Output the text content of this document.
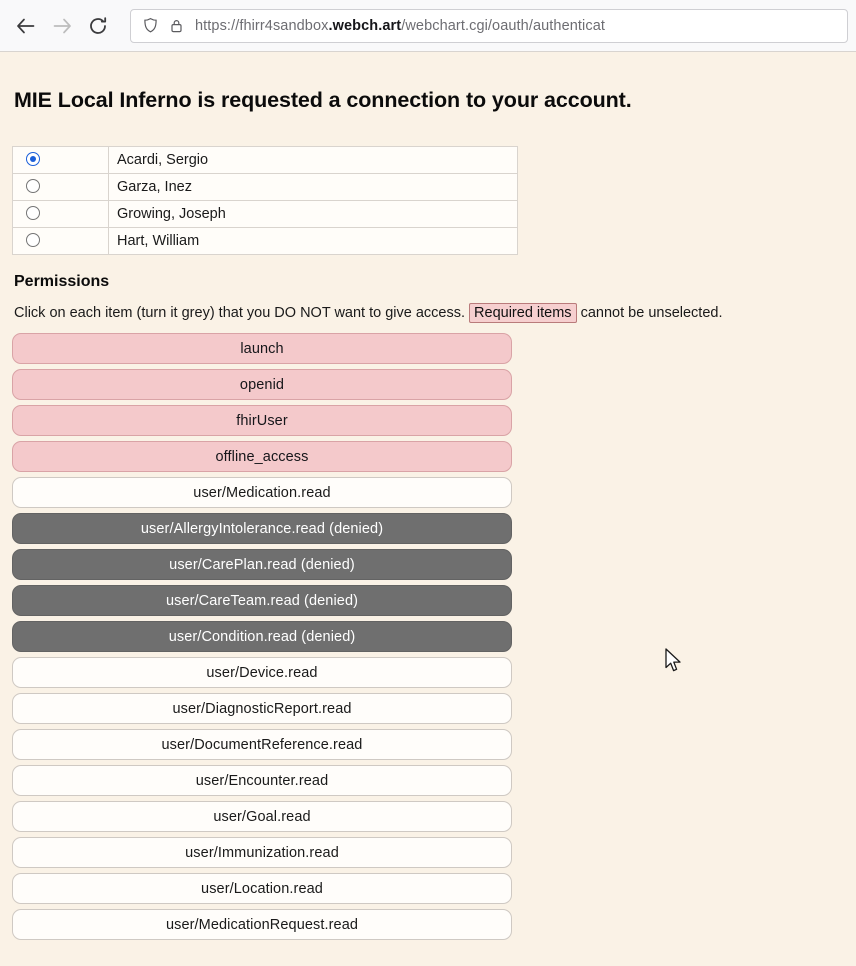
https://fhirr4sandbox.webch.art/webchart.cgi/oauth/authenticat
MIE Local Inferno is requested a connection to your account.
	Acardi, Sergio
	Garza, Inez
	Growing, Joseph
	Hart, William
Permissions

Click on each item (turn it grey) that you DO NOT want to give access. Required items cannot be unselected.

launch
openid
fhirUser
offline_access
user/Medication.read
user/AllergyIntolerance.read (denied)
user/CarePlan.read (denied)
user/CareTeam.read (denied)
user/Condition.read (denied)
user/Device.read
user/DiagnosticReport.read
user/DocumentReference.read
user/Encounter.read
user/Goal.read
user/Immunization.read
user/Location.read
user/MedicationRequest.read
